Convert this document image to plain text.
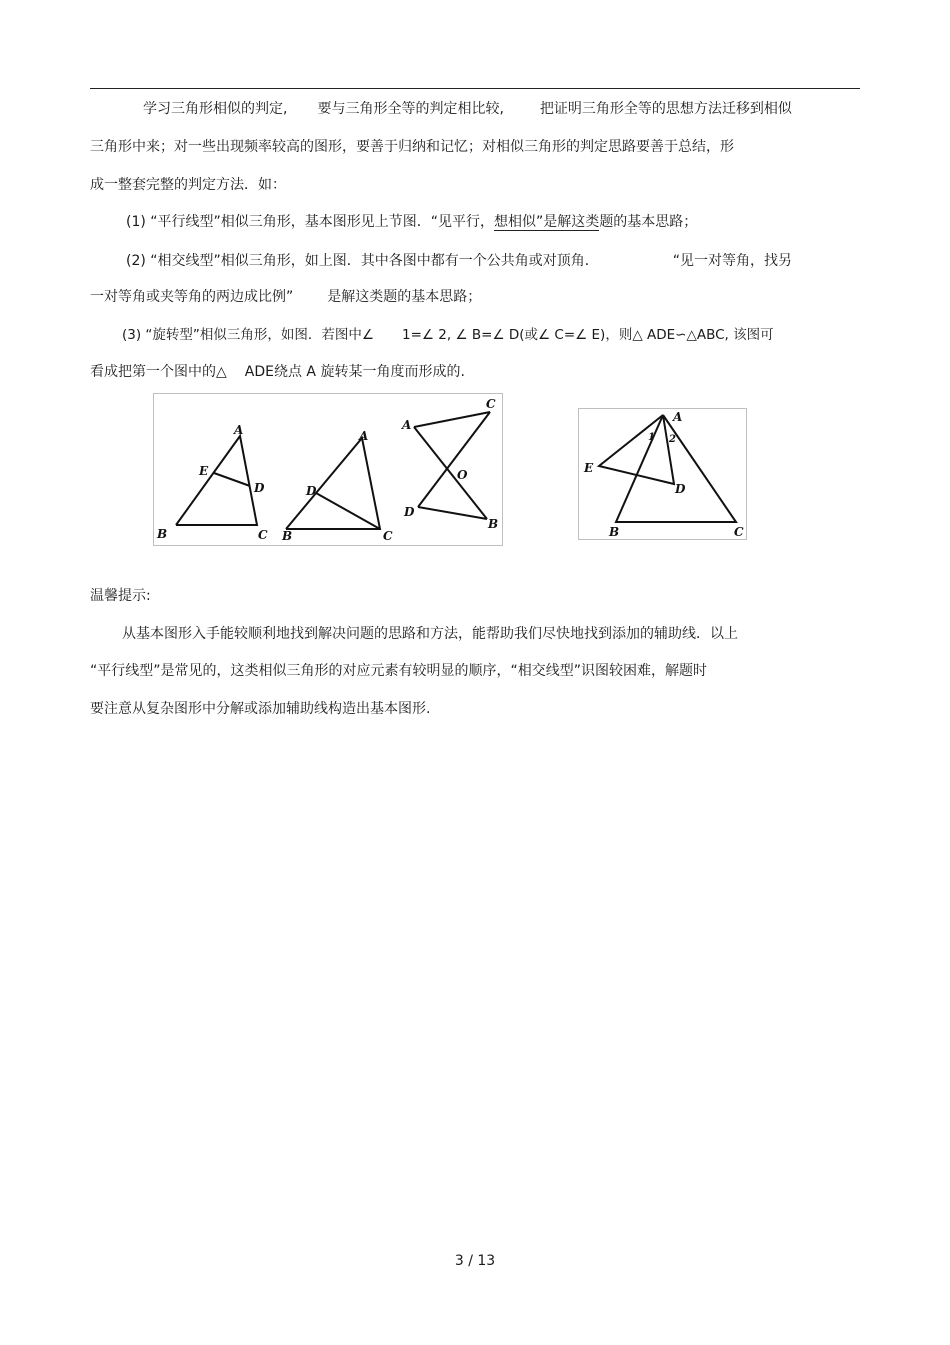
学习三角形相似的判定, 要与三角形全等的判定相比较,	把证明三角形全等的思想方法迁移到相似
三角形中来；对一些出现频率较高的图形，要善于归纳和记忆；对相似三角形的判定思路要善于总结，形
成一整套完整的判定方法．如：
(1) “平行线型”相似三角形，基本图形见上节图．“见平行，想相似”是解这类题的基本思路；
(2) “相交线型”相似三角形，如上图．其中各图中都有一个公共角或对顶角．	“见一对等角，找另
一对等角或夹等角的两边成比例” 是解这类题的基本思路；
(3) “旋转型”相似三角形，如图．若图中∠ 1=∠ 2, ∠ B=∠ D(或∠ C=∠ E)，则△ ADE∽△ABC, 该图可
看成把第一个图中的△ ADE绕点 A 旋转某一角度而形成的.
A
E
D
B	C
A
D
B	C
C
A
O
D
B
A
1 2
E
D
B	C
温馨提示:
从基本图形入手能较顺利地找到解决问题的思路和方法，能帮助我们尽快地找到添加的辅助线．以上
“平行线型”是常见的，这类相似三角形的对应元素有较明显的顺序，“相交线型”识图较困难，解题时
要注意从复杂图形中分解或添加辅助线构造出基本图形.
3 / 13
